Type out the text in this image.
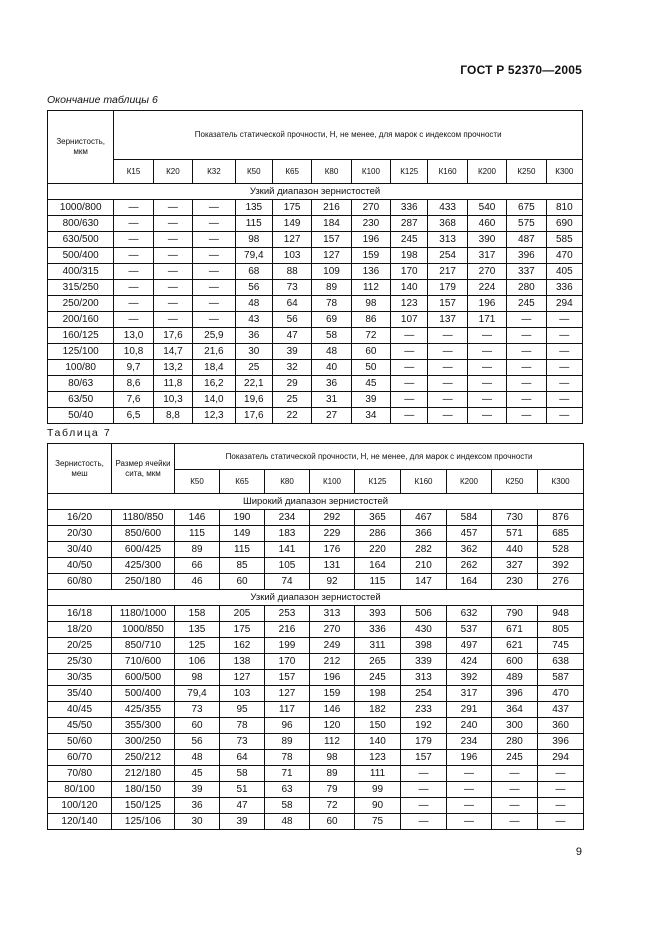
ГОСТ Р 52370—2005
Окончание таблицы 6
Зернистость, мкм	Показатель статической прочности, Н, не менее, для марок с индексом прочности											
	К15	К20	К32	К50	К65	К80	К100	К125	К160	К200	К250	К300
Узкий диапазон зернистостей												
1000/800	—	—	—	135	175	216	270	336	433	540	675	810
800/630	—	—	—	115	149	184	230	287	368	460	575	690
630/500	—	—	—	98	127	157	196	245	313	390	487	585
500/400	—	—	—	79,4	103	127	159	198	254	317	396	470
400/315	—	—	—	68	88	109	136	170	217	270	337	405
315/250	—	—	—	56	73	89	112	140	179	224	280	336
250/200	—	—	—	48	64	78	98	123	157	196	245	294
200/160	—	—	—	43	56	69	86	107	137	171	—	—
160/125	13,0	17,6	25,9	36	47	58	72	—	—	—	—	—
125/100	10,8	14,7	21,6	30	39	48	60	—	—	—	—	—
100/80	9,7	13,2	18,4	25	32	40	50	—	—	—	—	—
80/63	8,6	11,8	16,2	22,1	29	36	45	—	—	—	—	—
63/50	7,6	10,3	14,0	19,6	25	31	39	—	—	—	—	—
50/40	6,5	8,8	12,3	17,6	22	27	34	—	—	—	—	—
Таблица 7
Зернистость, меш	Размер ячейки сита, мкм	Показатель статической прочности, Н, не менее, для марок с индексом прочности								
		К50	К65	К80	К100	К125	К160	К200	К250	К300
Широкий диапазон зернистостей										
16/20	1180/850	146	190	234	292	365	467	584	730	876
20/30	850/600	115	149	183	229	286	366	457	571	685
30/40	600/425	89	115	141	176	220	282	362	440	528
40/50	425/300	66	85	105	131	164	210	262	327	392
60/80	250/180	46	60	74	92	115	147	164	230	276
Узкий диапазон зернистостей										
16/18	1180/1000	158	205	253	313	393	506	632	790	948
18/20	1000/850	135	175	216	270	336	430	537	671	805
20/25	850/710	125	162	199	249	311	398	497	621	745
25/30	710/600	106	138	170	212	265	339	424	600	638
30/35	600/500	98	127	157	196	245	313	392	489	587
35/40	500/400	79,4	103	127	159	198	254	317	396	470
40/45	425/355	73	95	117	146	182	233	291	364	437
45/50	355/300	60	78	96	120	150	192	240	300	360
50/60	300/250	56	73	89	112	140	179	234	280	396
60/70	250/212	48	64	78	98	123	157	196	245	294
70/80	212/180	45	58	71	89	111	—	—	—	—
80/100	180/150	39	51	63	79	99	—	—	—	—
100/120	150/125	36	47	58	72	90	—	—	—	—
120/140	125/106	30	39	48	60	75	—	—	—	—
9
